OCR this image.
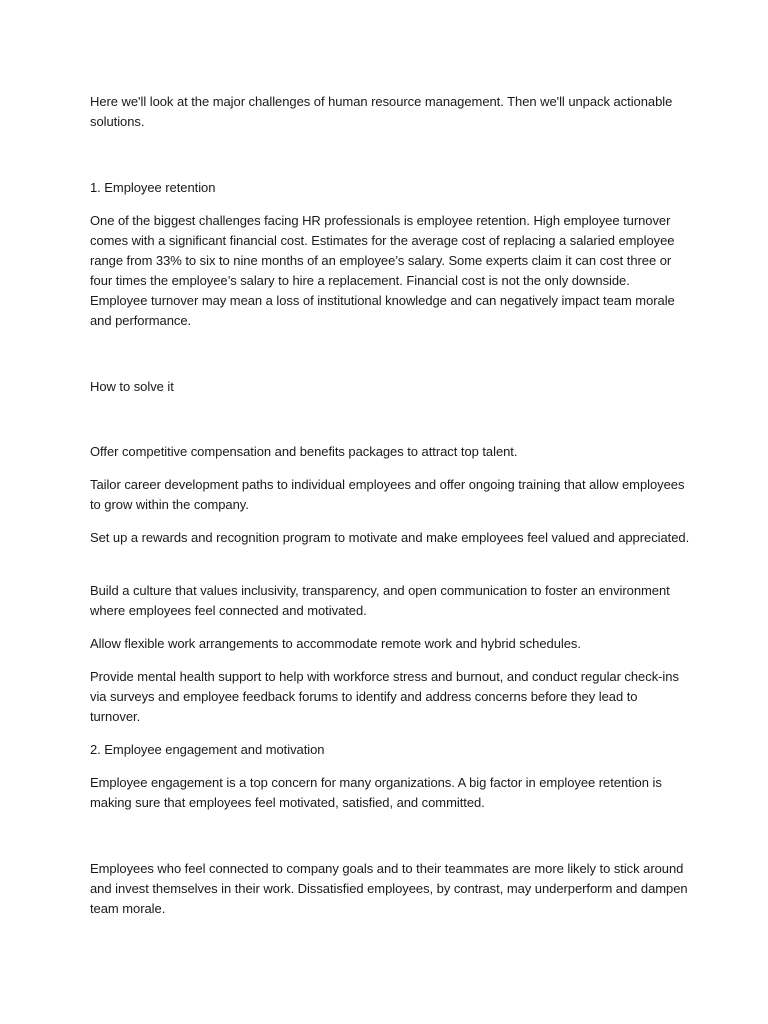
Here we'll look at the major challenges of human resource management. Then we'll unpack actionable solutions.

1. Employee retention

One of the biggest challenges facing HR professionals is employee retention. High employee turnover comes with a significant financial cost. Estimates for the average cost of replacing a salaried employee range from 33% to six to nine months of an employee’s salary. Some experts claim it can cost three or four times the employee’s salary to hire a replacement. Financial cost is not the only downside. Employee turnover may mean a loss of institutional knowledge and can negatively impact team morale and performance.

How to solve it

Offer competitive compensation and benefits packages to attract top talent.

Tailor career development paths to individual employees and offer ongoing training that allow employees to grow within the company.

Set up a rewards and recognition program to motivate and make employees feel valued and appreciated.

Build a culture that values inclusivity, transparency, and open communication to foster an environment where employees feel connected and motivated.

Allow flexible work arrangements to accommodate remote work and hybrid schedules.

Provide mental health support to help with workforce stress and burnout, and conduct regular check-ins via surveys and employee feedback forums to identify and address concerns before they lead to turnover.

2. Employee engagement and motivation

Employee engagement is a top concern for many organizations. A big factor in employee retention is making sure that employees feel motivated, satisfied, and committed.

Employees who feel connected to company goals and to their teammates are more likely to stick around and invest themselves in their work. Dissatisfied employees, by contrast, may underperform and dampen team morale.
